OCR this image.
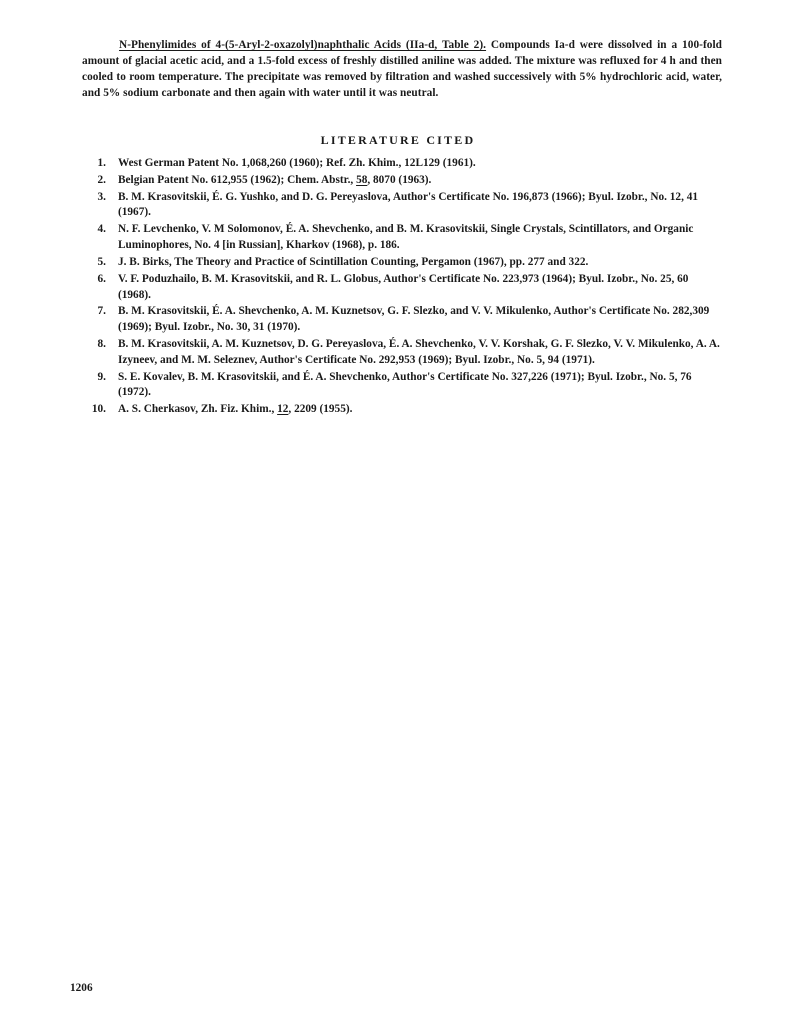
N-Phenylimides of 4-(5-Aryl-2-oxazolyl)naphthalic Acids (IIa-d, Table 2). Compounds Ia-d were dissolved in a 100-fold amount of glacial acetic acid, and a 1.5-fold excess of freshly distilled aniline was added. The mixture was refluxed for 4 h and then cooled to room temperature. The precipitate was removed by filtration and washed successively with 5% hydrochloric acid, water, and 5% sodium carbonate and then again with water until it was neutral.

LITERATURE CITED
1. West German Patent No. 1,068,260 (1960); Ref. Zh. Khim., 12L129 (1961).
2. Belgian Patent No. 612,955 (1962); Chem. Abstr., 58, 8070 (1963).
3. B. M. Krasovitskii, É. G. Yushko, and D. G. Pereyaslova, Author's Certificate No. 196,873 (1966); Byul. Izobr., No. 12, 41 (1967).
4. N. F. Levchenko, V. M Solomonov, É. A. Shevchenko, and B. M. Krasovitskii, Single Crystals, Scintillators, and Organic Luminophores, No. 4 [in Russian], Kharkov (1968), p. 186.
5. J. B. Birks, The Theory and Practice of Scintillation Counting, Pergamon (1967), pp. 277 and 322.
6. V. F. Poduzhailo, B. M. Krasovitskii, and R. L. Globus, Author's Certificate No. 223,973 (1964); Byul. Izobr., No. 25, 60 (1968).
7. B. M. Krasovitskii, É. A. Shevchenko, A. M. Kuznetsov, G. F. Slezko, and V. V. Mikulenko, Author's Certificate No. 282,309 (1969); Byul. Izobr., No. 30, 31 (1970).
8. B. M. Krasovitskii, A. M. Kuznetsov, D. G. Pereyaslova, É. A. Shevchenko, V. V. Korshak, G. F. Slezko, V. V. Mikulenko, A. A. Izyneev, and M. M. Seleznev, Author's Certificate No. 292,953 (1969); Byul. Izobr., No. 5, 94 (1971).
9. S. E. Kovalev, B. M. Krasovitskii, and É. A. Shevchenko, Author's Certificate No. 327,226 (1971); Byul. Izobr., No. 5, 76 (1972).
10. A. S. Cherkasov, Zh. Fiz. Khim., 12, 2209 (1955).
1206
